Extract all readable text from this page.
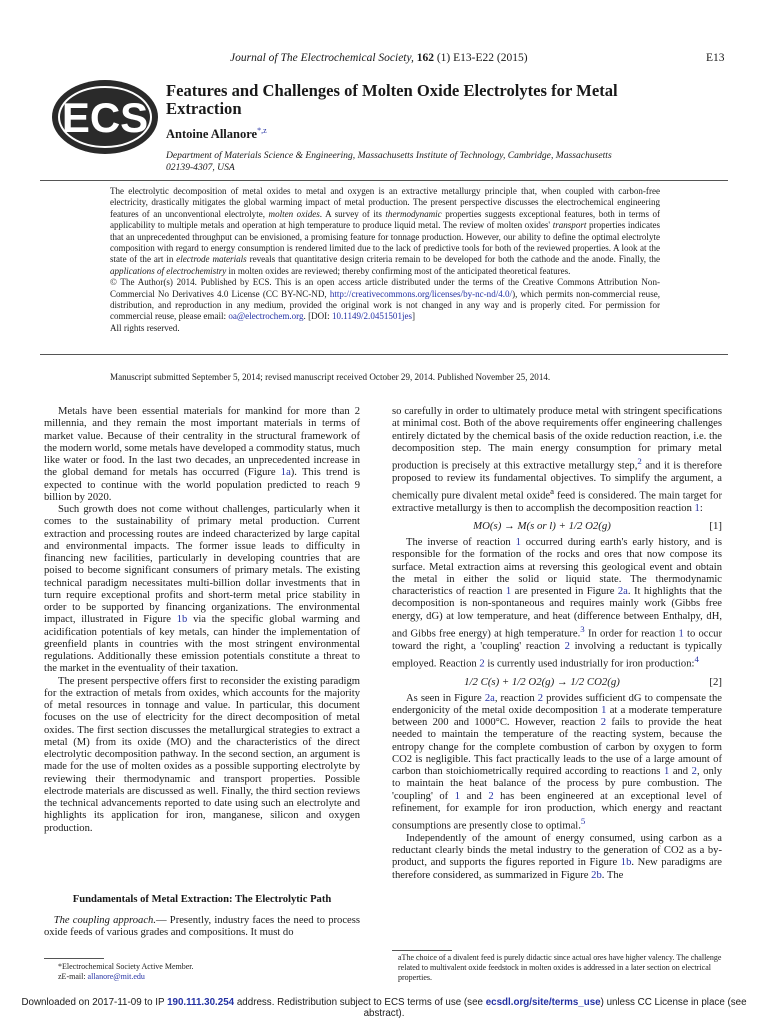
Journal of The Electrochemical Society, 162 (1) E13-E22 (2015)	E13
ECS
Features and Challenges of Molten Oxide Electrolytes for Metal Extraction
Antoine Allanore$^{*,z}$
Department of Materials Science & Engineering, Massachusetts Institute of Technology, Cambridge, Massachusetts 02139-4307, USA
The electrolytic decomposition of metal oxides to metal and oxygen is an extractive metallurgy principle that, when coupled with carbon-free electricity, drastically mitigates the global warming impact of metal production. The present perspective discusses the electrochemical engineering features of an unconventional electrolyte, molten oxides. A survey of its thermodynamic properties suggests exceptional features, both in terms of applicability to multiple metals and operation at high temperature to produce liquid metal. The review of molten oxides' transport properties indicates that an unprecedented throughput can be envisioned, a promising feature for tonnage production. However, our ability to define the optimal electrolyte composition with regard to energy consumption is rendered limited due to the lack of predictive tools for both of the reviewed properties. A look at the state of the art in electrode materials reveals that quantitative design criteria remain to be developed for both the cathode and the anode. Finally, the applications of electrochemistry in molten oxides are reviewed; thereby confirming most of the anticipated theoretical features.
© The Author(s) 2014. Published by ECS. This is an open access article distributed under the terms of the Creative Commons Attribution Non-Commercial No Derivatives 4.0 License (CC BY-NC-ND, http://creativecommons.org/licenses/by-nc-nd/4.0/), which permits non-commercial reuse, distribution, and reproduction in any medium, provided the original work is not changed in any way and is properly cited. For permission for commercial reuse, please email: oa@electrochem.org. [DOI: 10.1149/2.0451501jes]
All rights reserved.
Manuscript submitted September 5, 2014; revised manuscript received October 29, 2014. Published November 25, 2014.

Metals have been essential materials for mankind for more than 2 millennia, and they remain the most important materials in terms of market value. Because of their centrality in the structural framework of the modern world, some metals have developed a commodity status, much like water or food. In the last two decades, an unprecedented increase in the global demand for metals has occurred (Figure 1a). This trend is expected to continue with the world population predicted to reach 9 billion by 2020.

Such growth does not come without challenges, particularly when it comes to the sustainability of primary metal production. Current extraction and processing routes are indeed characterized by large capital and environmental impacts. The former issue leads to difficulty in financing new facilities, particularly in developing countries that are poised to become significant consumers of primary metals. The existing technical paradigm necessitates multi-billion dollar investments that in turn require exceptional profits and short-term metal price stability in order to be supported by financing organizations. The environmental impact, illustrated in Figure 1b via the specific global warming and acidification potentials of key metals, can hinder the implementation of greenfield plants in countries with the most stringent environmental regulations. Additionally these emission potentials constitute a threat to the market in the eventuality of their taxation.

The present perspective offers first to reconsider the existing paradigm for the extraction of metals from oxides, which accounts for the majority of metal resources in tonnage and value. In particular, this document focuses on the use of electricity for the direct decomposition of metal oxides. The first section discusses the metallurgical strategies to extract a metal (M) from its oxide (MO) and the characteristics of the direct electrolytic decomposition pathway. In the second section, an argument is made for the use of molten oxides as a possible supporting electrolyte by reviewing their thermodynamic and transport properties. Possible electrode materials are discussed as well. Finally, the third section reviews the technical advancements reported to date using such an electrolyte and highlights its application for iron, manganese, silicon and oxygen production.

Fundamentals of Metal Extraction: The Electrolytic Path
The coupling approach.— Presently, industry faces the need to process oxide feeds of various grades and compositions. It must do

so carefully in order to ultimately produce metal with stringent specifications at minimal cost. Both of the above requirements offer engineering challenges entirely dictated by the chemical basis of the oxide reduction reaction, i.e. the decomposition step. The main energy consumption for primary metal production is precisely at this extractive metallurgy step,$^2$ and it is therefore proposed to review its fundamental objectives. To simplify the argument, a chemically pure divalent metal oxide$^a$ feed is considered. The main target for extractive metallurgy is then to accomplish the decomposition reaction 1:

MO(s) → M(s or l) + 1/2 O2(g)	[1]

The inverse of reaction 1 occurred during earth's early history, and is responsible for the formation of the rocks and ores that now compose its surface. Metal extraction aims at reversing this geological event and obtain the metal in either the solid or liquid state. The thermodynamic characteristics of reaction 1 are presented in Figure 2a. It highlights that the decomposition is non-spontaneous and requires mainly work (Gibbs free energy, dG) at low temperature, and heat (difference between Enthalpy, dH, and Gibbs free energy) at high temperature.$^3$ In order for reaction 1 to occur toward the right, a 'coupling' reaction 2 involving a reductant is typically employed. Reaction 2 is currently used industrially for iron production:$^4$

1/2 C(s) + 1/2 O2(g) → 1/2 CO2(g)	[2]

As seen in Figure 2a, reaction 2 provides sufficient dG to compensate the endergonicity of the metal oxide decomposition 1 at a moderate temperature between 200 and 1000°C. However, reaction 2 fails to provide the heat needed to maintain the temperature of the reacting system, because the entropy change for the complete combustion of carbon by oxygen to form CO2 is negligible. This fact practically leads to the use of a large amount of carbon than stoichiometrically required according to reactions 1 and 2, only to maintain the heat balance of the process by pure combustion. The 'coupling' of 1 and 2 has been engineered at an exceptional level of refinement, for example for iron production, which energy and reactant consumptions are presently close to optimal.$^5$

Independently of the amount of energy consumed, using carbon as a reductant clearly binds the metal industry to the generation of CO2 as a by-product, and supports the figures reported in Figure 1b. New paradigms are therefore considered, as summarized in Figure 2b. The

*Electrochemical Society Active Member.
zE-mail: allanore@mit.edu
aThe choice of a divalent feed is purely didactic since actual ores have higher valency. The challenge related to multivalent oxide feedstock in molten oxides is addressed in a later section on electrical properties.
Downloaded on 2017-11-09 to IP 190.111.30.254 address. Redistribution subject to ECS terms of use (see ecsdl.org/site/terms_use) unless CC License in place (see abstract).
